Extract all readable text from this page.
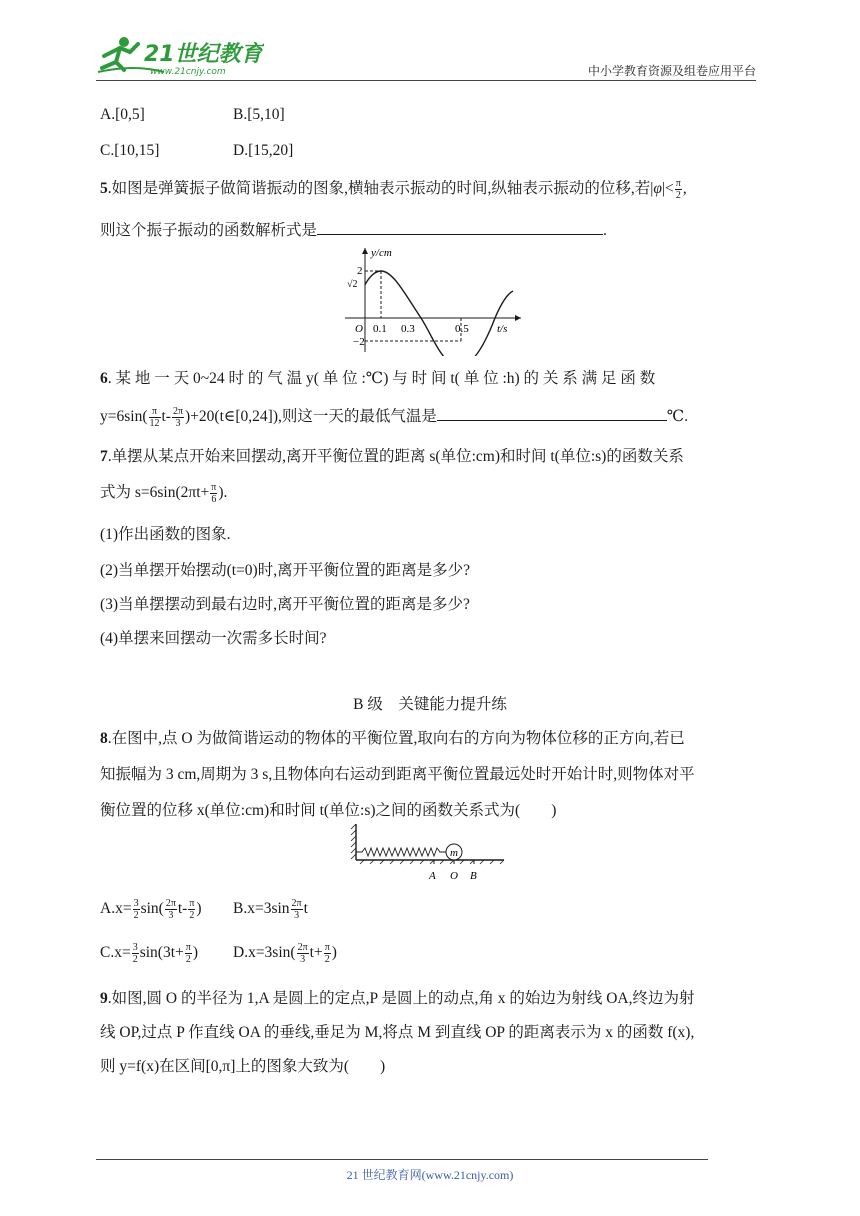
21世纪教育
www.21cnjy.com	中小学教育资源及组卷应用平台
A.[0,5]	B.[5,10]
C.[10,15]	D.[15,20]
5.如图是弹簧振子做简谐振动的图象,横轴表示振动的时间,纵轴表示振动的位移,若$|\varphi|< \frac{\pi}{2}$ ,
则这个振子振动的函数解析式是	.
y/cm
2
√2
−2
O 0.1 0.3	0.5	t/s
6. 某 地 一 天 0~24 时 的 气 温 y( 单 位 :℃) 与 时 间 t( 单 位 :h) 的 关 系 满 足 函 数
$y=6\sin( \frac{\pi}{12} t- \frac{2\pi}{3}$ )+20(t∈[0,24]),则这一天的最低气温是	℃.
7.单摆从某点开始来回摆动,离开平衡位置的距离 s(单位:cm)和时间 t(单位:s)的函数关系
式为 $s=6\sin(2\pi t+ \frac{\pi}{6}$ ).
(1)作出函数的图象.
(2)当单摆开始摆动(t=0)时,离开平衡位置的距离是多少?
(3)当单摆摆动到最右边时,离开平衡位置的距离是多少?
(4)单摆来回摆动一次需多长时间?
B 级　关键能力提升练
8.在图中,点 O 为做简谐运动的物体的平衡位置,取向右的方向为物体位移的正方向,若已
知振幅为 3 cm,周期为 3 s,且物体向右运动到距离平衡位置最远处时开始计时,则物体对平
衡位置的位移 x(单位:cm)和时间 t(单位:s)之间的函数关系式为(　　)
m
A O B
$A.x= \frac{3}{2} \sin( \frac{2\pi}{3} t- \frac{\pi}{2}$ ) $B.x=3\sin \frac{2\pi}{3}$ t
$C.x= \frac{3}{2} \sin(3t+ \frac{\pi}{2}$ ) $D.x=3\sin( \frac{2\pi}{3} t+ \frac{\pi}{2}$ )
9.如图,圆 O 的半径为 1,A 是圆上的定点,P 是圆上的动点,角 x 的始边为射线 OA,终边为射
线 OP,过点 P 作直线 OA 的垂线,垂足为 M,将点 M 到直线 OP 的距离表示为 x 的函数 f(x),
则 y=f(x)在区间[0,π]上的图象大致为(　　)
21 世纪教育网(www.21cnjy.com)
